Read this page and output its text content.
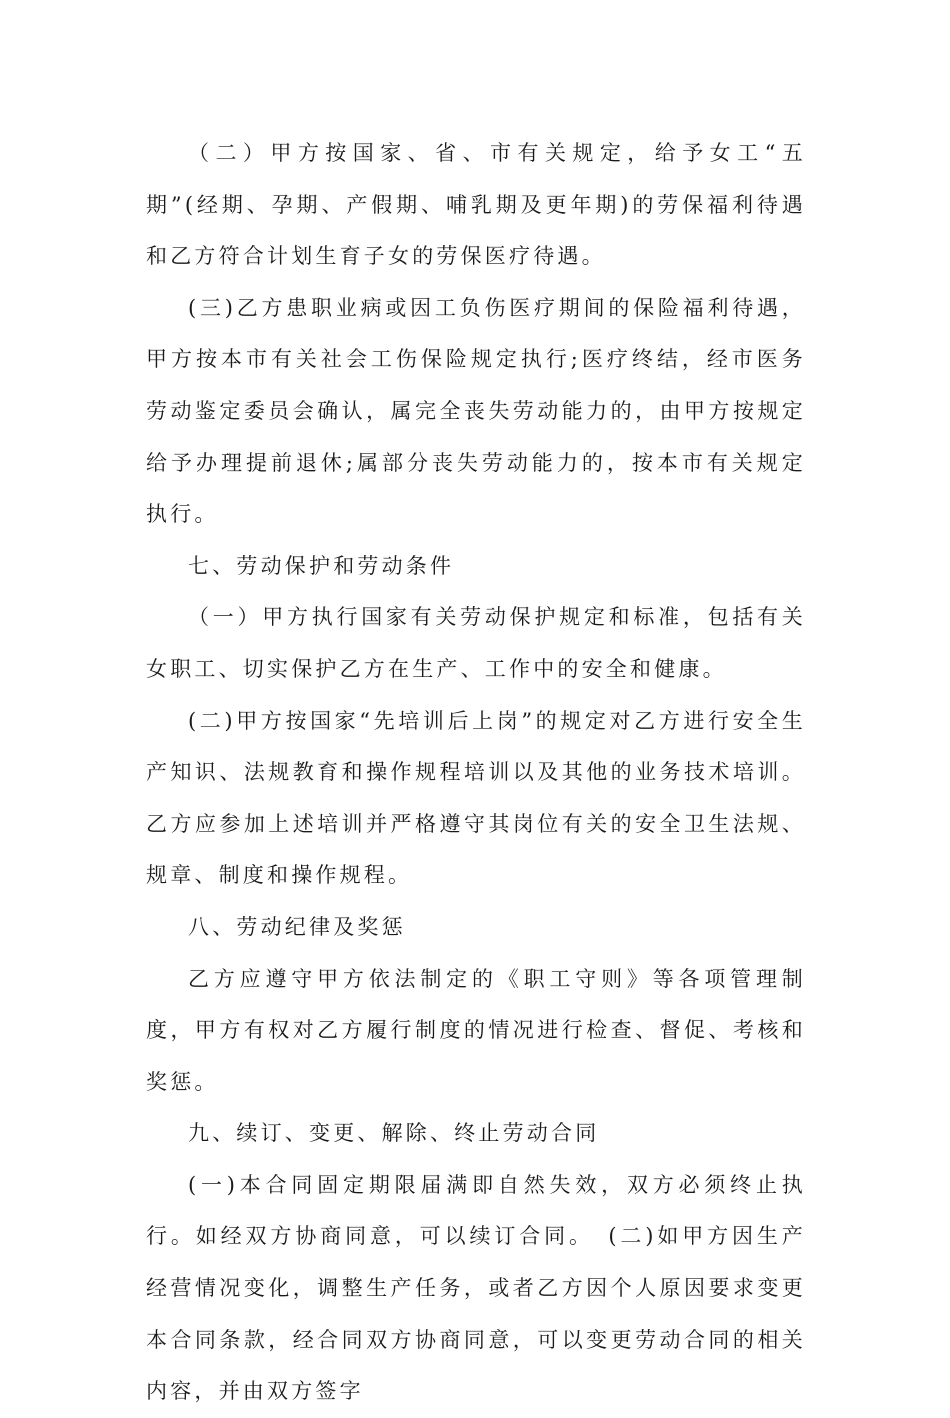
（二）甲方按国家、省、市有关规定，给予女工“五期”(经期、孕期、产假期、哺乳期及更年期)的劳保福利待遇和乙方符合计划生育子女的劳保医疗待遇。

(三)乙方患职业病或因工负伤医疗期间的保险福利待遇，甲方按本市有关社会工伤保险规定执行;医疗终结，经市医务劳动鉴定委员会确认，属完全丧失劳动能力的，由甲方按规定给予办理提前退休;属部分丧失劳动能力的，按本市有关规定执行。

七、劳动保护和劳动条件

（一）甲方执行国家有关劳动保护规定和标准，包括有关女职工、切实保护乙方在生产、工作中的安全和健康。

(二)甲方按国家“先培训后上岗”的规定对乙方进行安全生产知识、法规教育和操作规程培训以及其他的业务技术培训。乙方应参加上述培训并严格遵守其岗位有关的安全卫生法规、规章、制度和操作规程。

八、劳动纪律及奖惩

乙方应遵守甲方依法制定的《职工守则》等各项管理制度，甲方有权对乙方履行制度的情况进行检查、督促、考核和奖惩。

九、续订、变更、解除、终止劳动合同

(一)本合同固定期限届满即自然失效，双方必须终止执行。如经双方协商同意，可以续订合同。　(二)如甲方因生产经营情况变化，调整生产任务，或者乙方因个人原因要求变更本合同条款，经合同双方协商同意，可以变更劳动合同的相关内容，并由双方签字
